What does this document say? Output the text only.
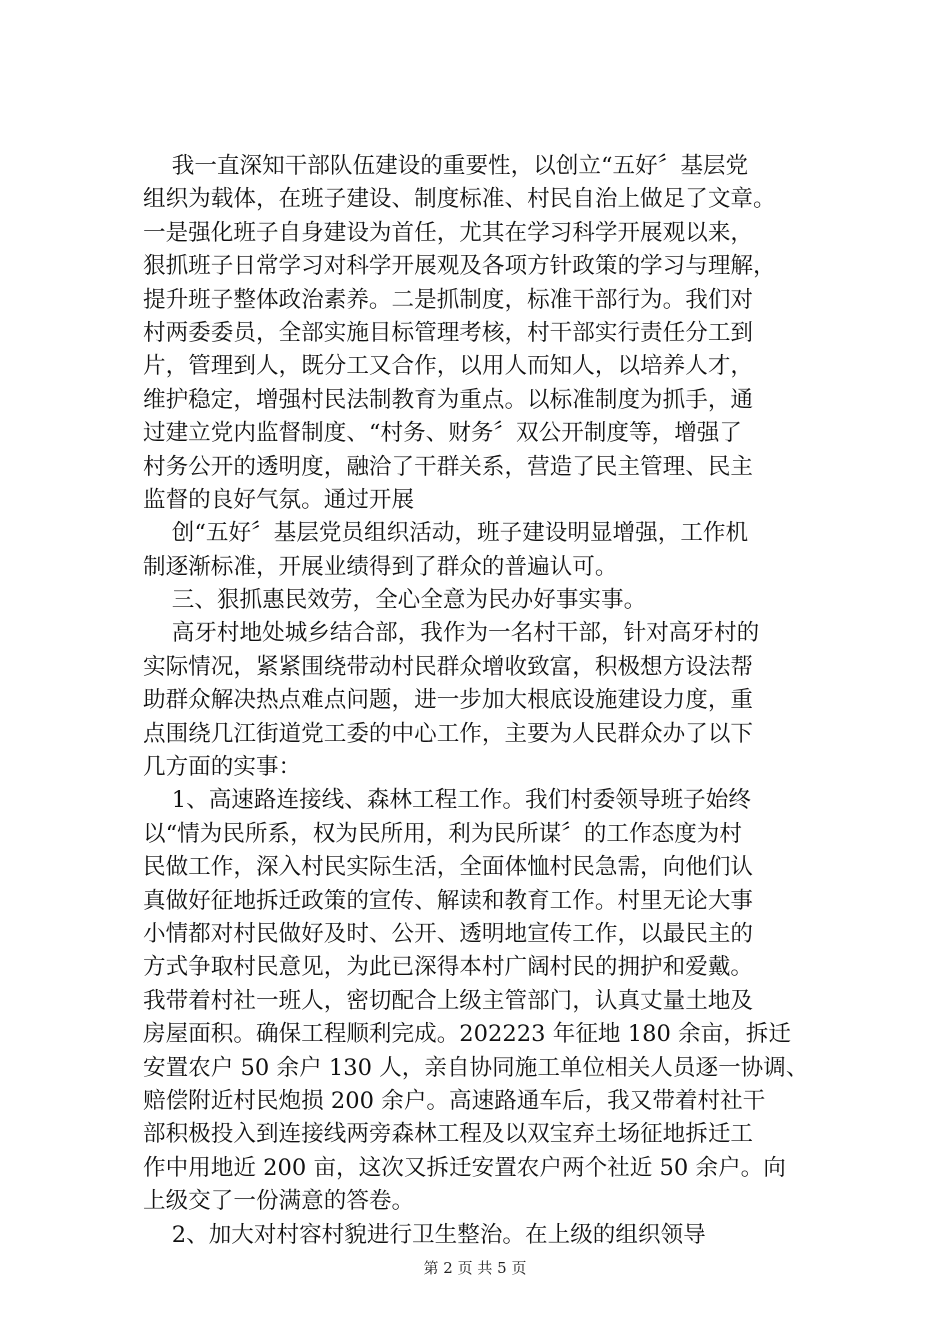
我一直深知干部队伍建设的重要性，以创立“五好〞基层党
组织为载体，在班子建设、制度标准、村民自治上做足了文章。
一是强化班子自身建设为首任，尤其在学习科学开展观以来，
狠抓班子日常学习对科学开展观及各项方针政策的学习与理解，
提升班子整体政治素养。二是抓制度，标准干部行为。我们对
村两委委员，全部实施目标管理考核，村干部实行责任分工到
片，管理到人，既分工又合作，以用人而知人，以培养人才，
维护稳定，增强村民法制教育为重点。以标准制度为抓手，通
过建立党内监督制度、“村务、财务〞双公开制度等，增强了
村务公开的透明度，融洽了干群关系，营造了民主管理、民主
监督的良好气氛。通过开展
创“五好〞基层党员组织活动，班子建设明显增强，工作机
制逐渐标准，开展业绩得到了群众的普遍认可。
三、狠抓惠民效劳，全心全意为民办好事实事。
高牙村地处城乡结合部，我作为一名村干部，针对高牙村的
实际情况，紧紧围绕带动村民群众增收致富，积极想方设法帮
助群众解决热点难点问题，进一步加大根底设施建设力度，重
点围绕几江街道党工委的中心工作，主要为人民群众办了以下
几方面的实事：
1、高速路连接线、森林工程工作。我们村委领导班子始终
以“情为民所系，权为民所用，利为民所谋〞的工作态度为村
民做工作，深入村民实际生活，全面体恤村民急需，向他们认
真做好征地拆迁政策的宣传、解读和教育工作。村里无论大事
小情都对村民做好及时、公开、透明地宣传工作，以最民主的
方式争取村民意见，为此已深得本村广阔村民的拥护和爱戴。
我带着村社一班人，密切配合上级主管部门，认真丈量土地及
房屋面积。确保工程顺利完成。202223 年征地 180 余亩，拆迁
安置农户 50 余户 130 人，亲自协同施工单位相关人员逐一协调、
赔偿附近村民炮损 200 余户。高速路通车后，我又带着村社干
部积极投入到连接线两旁森林工程及以双宝弃土场征地拆迁工
作中用地近 200 亩，这次又拆迁安置农户两个社近 50 余户。向
上级交了一份满意的答卷。
2、加大对村容村貌进行卫生整治。在上级的组织领导
第 2 页 共 5 页
